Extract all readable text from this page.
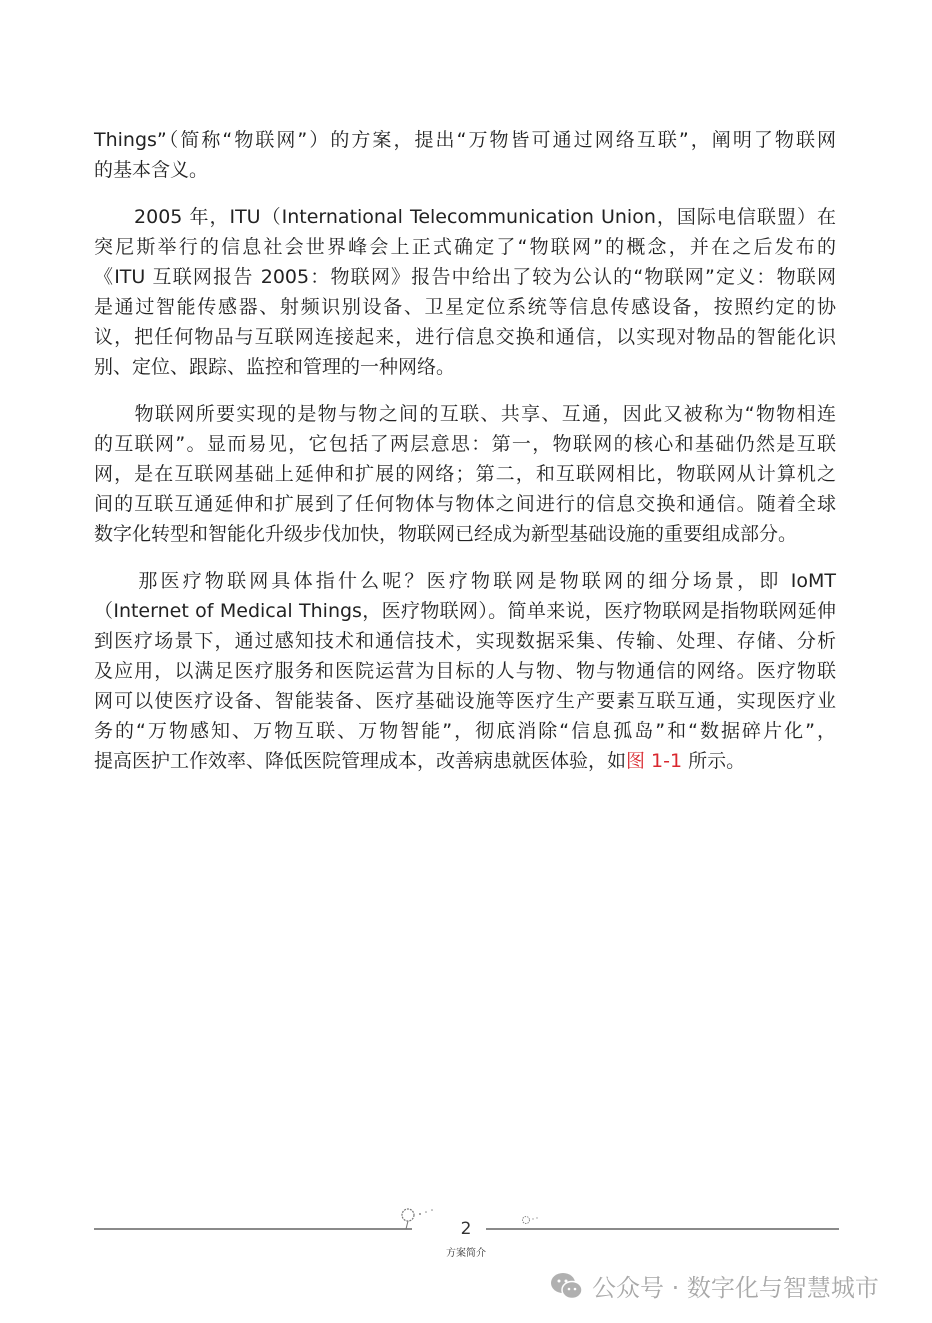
Things”（简称“物联网”）的方案，提出“万物皆可通过网络互联”，阐明了物联网
的基本含义。
　　2005 年，ITU（International Telecommunication Union，国际电信联盟）在
突尼斯举行的信息社会世界峰会上正式确定了“物联网”的概念，并在之后发布的
《ITU 互联网报告 2005：物联网》报告中给出了较为公认的“物联网”定义：物联网
是通过智能传感器、射频识别设备、卫星定位系统等信息传感设备，按照约定的协
议，把任何物品与互联网连接起来，进行信息交换和通信，以实现对物品的智能化识
别、定位、跟踪、监控和管理的一种网络。
　　物联网所要实现的是物与物之间的互联、共享、互通，因此又被称为“物物相连
的互联网”。显而易见，它包括了两层意思：第一，物联网的核心和基础仍然是互联
网，是在互联网基础上延伸和扩展的网络；第二，和互联网相比，物联网从计算机之
间的互联互通延伸和扩展到了任何物体与物体之间进行的信息交换和通信。随着全球
数字化转型和智能化升级步伐加快，物联网已经成为新型基础设施的重要组成部分。
　　那医疗物联网具体指什么呢？医疗物联网是物联网的细分场景，即 IoMT
（Internet of Medical Things，医疗物联网）。简单来说，医疗物联网是指物联网延伸
到医疗场景下，通过感知技术和通信技术，实现数据采集、传输、处理、存储、分析
及应用，以满足医疗服务和医院运营为目标的人与物、物与物通信的网络。医疗物联
网可以使医疗设备、智能装备、医疗基础设施等医疗生产要素互联互通，实现医疗业
务的“万物感知、万物互联、万物智能”，彻底消除“信息孤岛”和“数据碎片化”，
提高医护工作效率、降低医院管理成本，改善病患就医体验，如图 1-1 所示。
2
方案简介
公众号 · 数字化与智慧城市
